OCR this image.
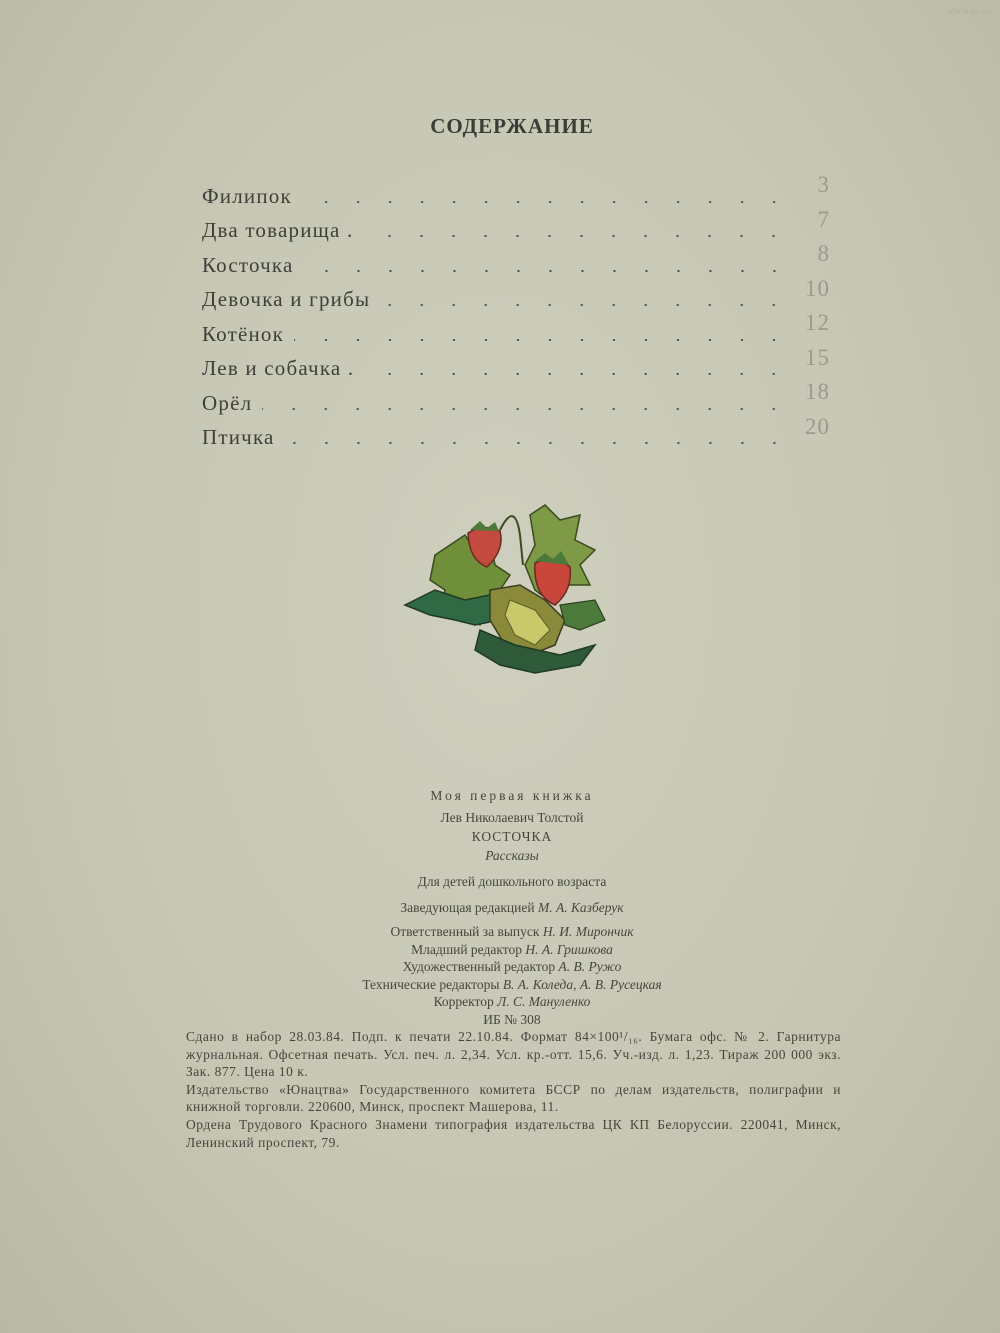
СОДЕРЖАНИЕ
Филипок	3
Два товарища .	7
Косточка	8
Девочка и грибы	10
Котёнок	12
Лев и собачка .	15
Орёл	18
Птичка	20
Моя первая книжка
Лев Николаевич Толстой
КОСТОЧКА
Рассказы
Для детей дошкольного возраста
Заведующая редакцией М. А. Казберук
Ответственный за выпуск Н. И. Мирончик
Младший редактор Н. А. Гришкова
Художественный редактор А. В. Ружо
Технические редакторы В. А. Коледа, А. В. Русецкая
Корректор Л. С. Мануленко
ИБ № 308

Сдано в набор 28.03.84. Подп. к печати 22.10.84. Формат 84×100¹/₁₆. Бумага офс. № 2. Гарнитура журнальная. Офсетная печать. Усл. печ. л. 2,34. Усл. кр.-отт. 15,6. Уч.-изд. л. 1,23. Тираж 200 000 экз. Зак. 877. Цена 10 к.

Издательство «Юнацтва» Государственного комитета БССР по делам издательств, полиграфии и книжной торговли. 220600, Минск, проспект Машерова, 11.

Ордена Трудового Красного Знамени типография издательства ЦК КП Белоруссии. 220041, Минск, Ленинский проспект, 79.

www.ay.by
